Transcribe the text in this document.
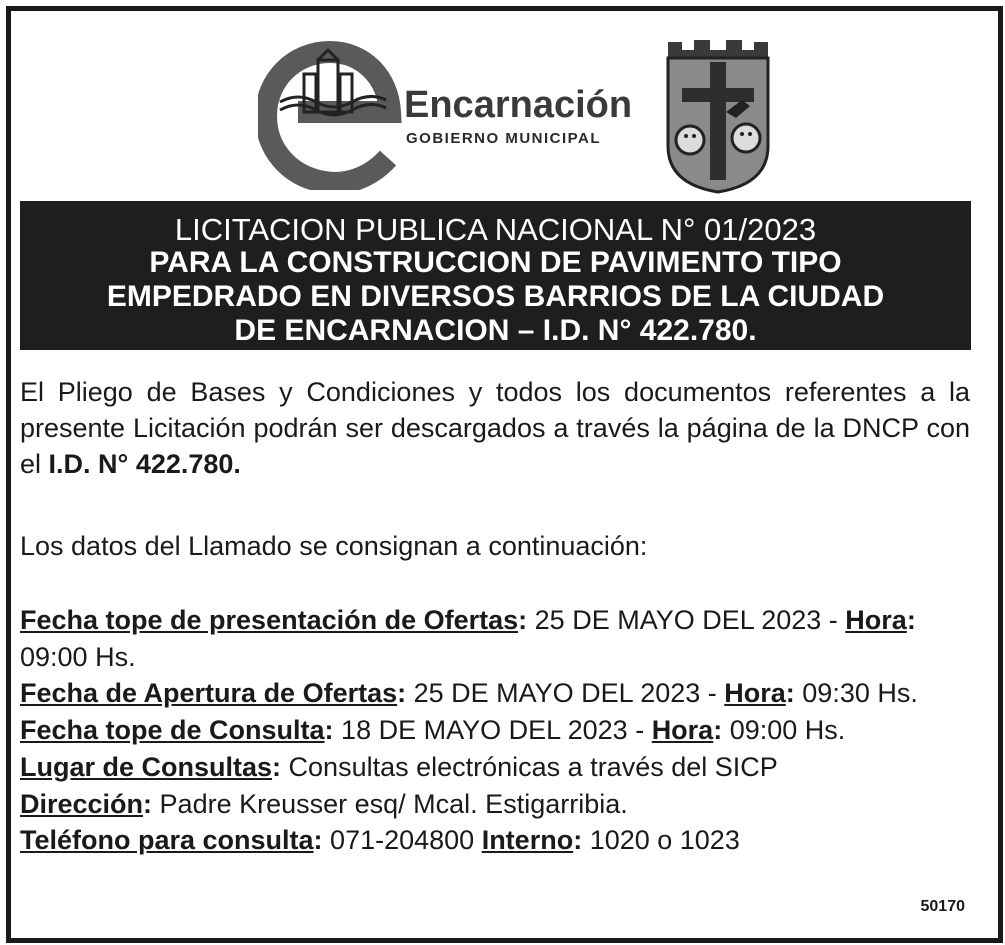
Encarnación
GOBIERNO MUNICIPAL
LICITACION PUBLICA NACIONAL N° 01/2023
PARA LA CONSTRUCCION DE PAVIMENTO TIPO
EMPEDRADO EN DIVERSOS BARRIOS DE LA CIUDAD
DE ENCARNACION – I.D. N° 422.780.
El Pliego de Bases y Condiciones y todos los documentos referentes a la presente Licitación podrán ser descargados a través la página de la DNCP con el I.D. N° 422.780.
Los datos del Llamado se consignan a continuación:
Fecha tope de presentación de Ofertas: 25 DE MAYO DEL 2023 - Hora: 09:00 Hs.
Fecha de Apertura de Ofertas: 25 DE MAYO DEL 2023 - Hora: 09:30 Hs.
Fecha tope de Consulta: 18 DE MAYO DEL 2023 - Hora: 09:00 Hs.
Lugar de Consultas: Consultas electrónicas a través del SICP
Dirección: Padre Kreusser esq/ Mcal. Estigarribia.
Teléfono para consulta: 071-204800 Interno: 1020 o 1023
50170
